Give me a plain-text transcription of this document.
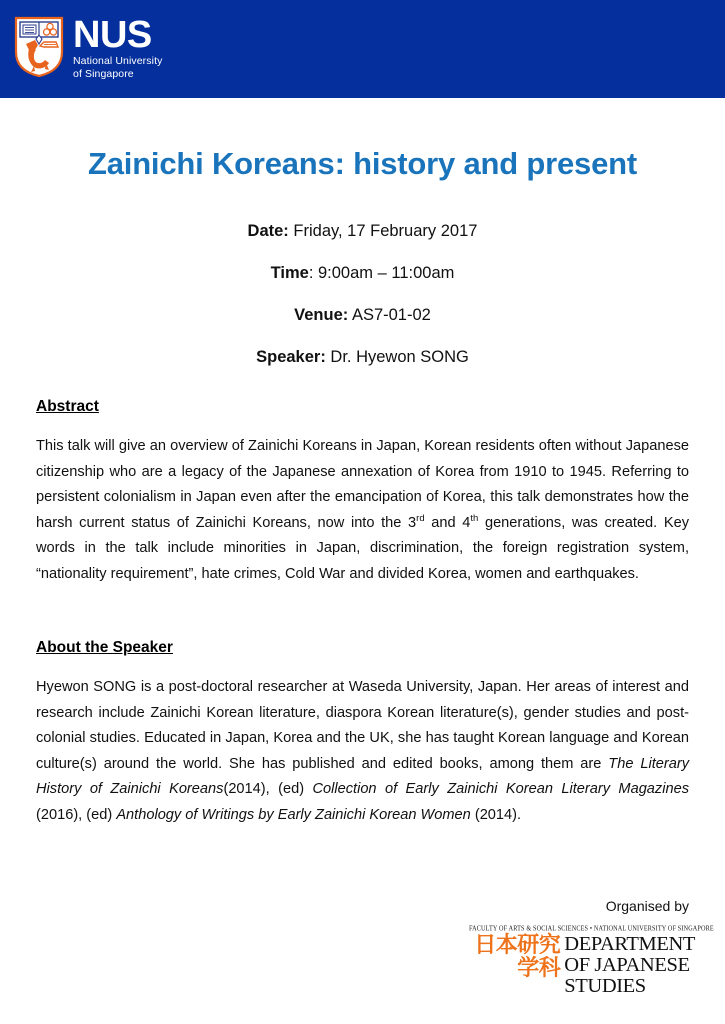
NUS
National University
of Singapore
Zainichi Koreans: history and present
Date: Friday, 17 February 2017
Time: 9:00am – 11:00am
Venue: AS7-01-02
Speaker: Dr. Hyewon SONG
Abstract

This talk will give an overview of Zainichi Koreans in Japan, Korean residents often without Japanese citizenship who are a legacy of the Japanese annexation of Korea from 1910 to 1945. Referring to persistent colonialism in Japan even after the emancipation of Korea, this talk demonstrates how the harsh current status of Zainichi Koreans, now into the 3rd and 4th generations, was created. Key words in the talk include minorities in Japan, discrimination, the foreign registration system, “nationality requirement”, hate crimes, Cold War and divided Korea, women and earthquakes.

About the Speaker

Hyewon SONG is a post-doctoral researcher at Waseda University, Japan. Her areas of interest and research include Zainichi Korean literature, diaspora Korean literature(s), gender studies and post-colonial studies. Educated in Japan, Korea and the UK, she has taught Korean language and Korean culture(s) around the world. She has published and edited books, among them are The Literary History of Zainichi Koreans(2014), (ed) Collection of Early Zainichi Korean Literary Magazines (2016), (ed) Anthology of Writings by Early Zainichi Korean Women (2014).

Organised by
FACULTY OF ARTS & SOCIAL SCIENCES • NATIONAL UNIVERSITY OF SINGAPORE
日本研究
学科
DEPARTMENT
OF JAPANESE
STUDIES
